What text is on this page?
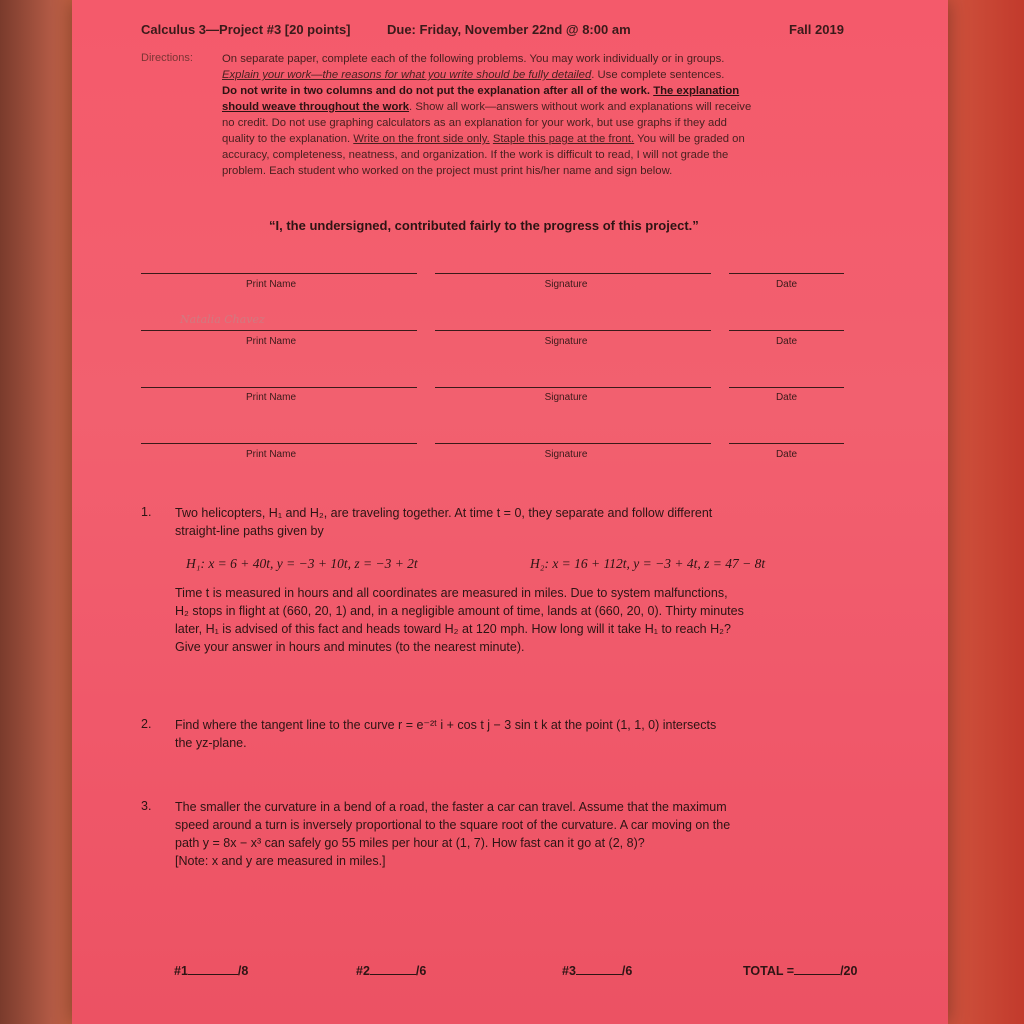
Calculus 3—Project #3 [20 points]	Due: Friday, November 22nd @ 8:00 am	Fall 2019
Directions:	On separate paper, complete each of the following problems. You may work individually or in groups.
Explain your work—the reasons for what you write should be fully detailed. Use complete sentences.
Do not write in two columns and do not put the explanation after all of the work. The explanation
should weave throughout the work. Show all work—answers without work and explanations will receive
no credit. Do not use graphing calculators as an explanation for your work, but use graphs if they add
quality to the explanation. Write on the front side only. Staple this page at the front. You will be graded on
accuracy, completeness, neatness, and organization. If the work is difficult to read, I will not grade the
problem. Each student who worked on the project must print his/her name and sign below.
“I, the undersigned, contributed fairly to the progress of this project.”
Print Name	Signature	Date
Natalia Chavez
Print Name	Signature	Date
Print Name	Signature	Date
Print Name	Signature	Date
1. Two helicopters, H₁ and H₂, are traveling together. At time t = 0, they separate and follow different
straight-line paths given by
H₁: x = 6 + 40t, y = −3 + 10t, z = −3 + 2t	H₂: x = 16 + 112t, y = −3 + 4t, z = 47 − 8t
Time t is measured in hours and all coordinates are measured in miles. Due to system malfunctions,
H₂ stops in flight at (660, 20, 1) and, in a negligible amount of time, lands at (660, 20, 0). Thirty minutes
later, H₁ is advised of this fact and heads toward H₂ at 120 mph. How long will it take H₁ to reach H₂?
Give your answer in hours and minutes (to the nearest minute).
2. Find where the tangent line to the curve r = e⁻²ᵗ i + cos t j − 3 sin t k at the point (1, 1, 0) intersects
the yz-plane.
3. The smaller the curvature in a bend of a road, the faster a car can travel. Assume that the maximum
speed around a turn is inversely proportional to the square root of the curvature. A car moving on the
path y = 8x − x³ can safely go 55 miles per hour at (1, 7). How fast can it go at (2, 8)?
[Note: x and y are measured in miles.]
#1	/8	#2	/6	#3	/6	TOTAL =	/20
